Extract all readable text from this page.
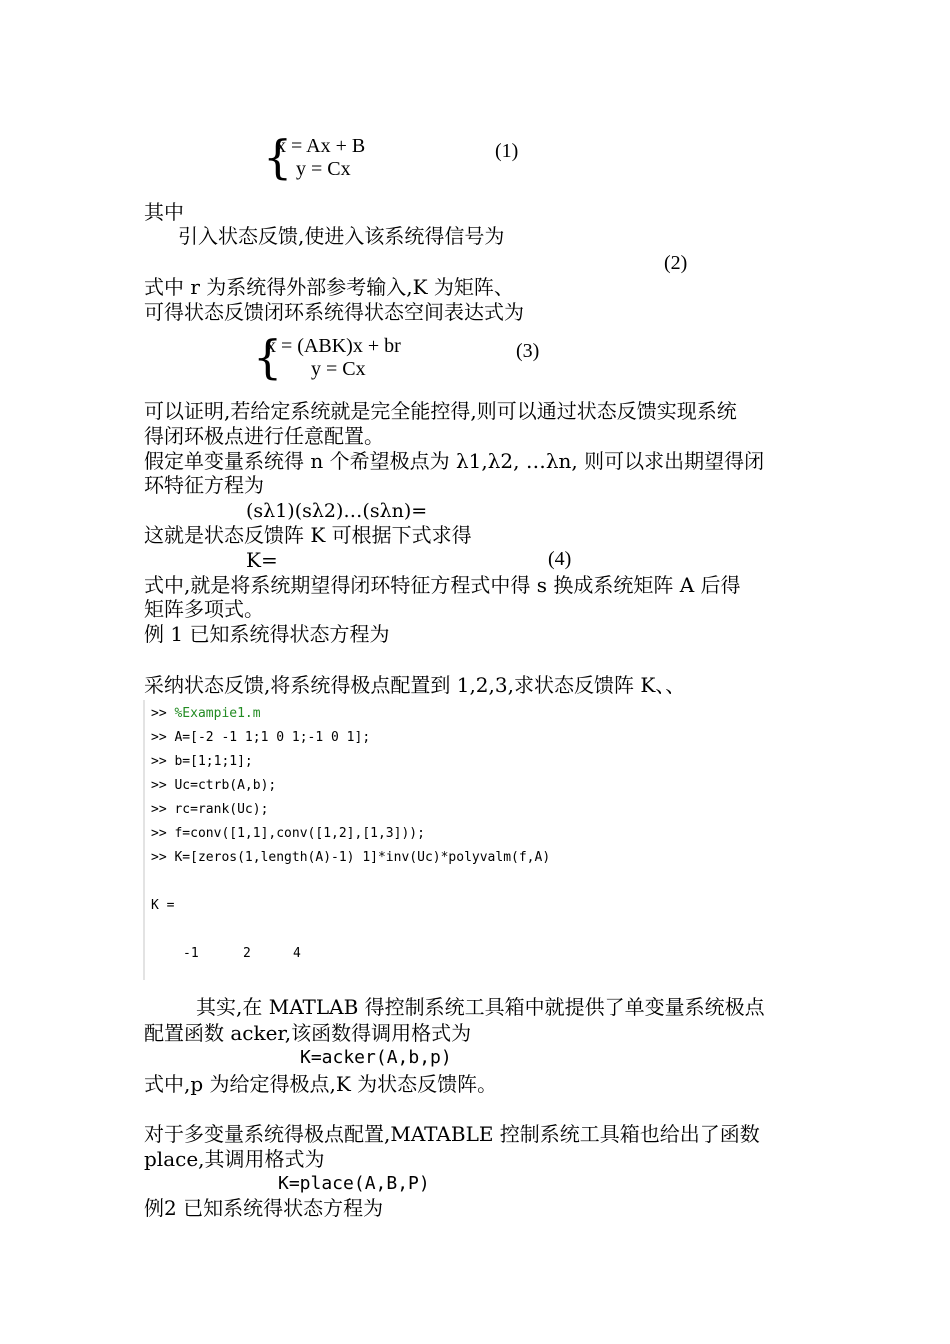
{
ẋ = Ax + B
y = Cx
(1)
其中
引入状态反馈,使进入该系统得信号为
(2)
式中 r 为系统得外部参考输入,K 为矩阵、
可得状态反馈闭环系统得状态空间表达式为
{
ẋ = (ABK)x + br
y = Cx
(3)
可以证明,若给定系统就是完全能控得,则可以通过状态反馈实现系统
得闭环极点进行任意配置。
假定单变量系统得 n 个希望极点为 λ1,λ2, …λn, 则可以求出期望得闭
环特征方程为
(sλ1)(sλ2)…(sλn)=
这就是状态反馈阵 K 可根据下式求得
K=	(4)
式中,就是将系统期望得闭环特征方程式中得 s 换成系统矩阵 A 后得
矩阵多项式。
例 1 已知系统得状态方程为
采纳状态反馈,将系统得极点配置到 1,2,3,求状态反馈阵 K、、
>> %Exampie1.m
>> A=[-2 -1 1;1 0 1;-1 0 1];
>> b=[1;1;1];
>> Uc=ctrb(A,b);
>> rc=rank(Uc);
>> f=conv([1,1],conv([1,2],[1,3]));
>> K=[zeros(1,length(A)-1) 1]*inv(Uc)*polyvalm(f,A)
K =
-1	2	4
其实,在 MATLAB 得控制系统工具箱中就提供了单变量系统极点
配置函数 acker,该函数得调用格式为
K=acker(A,b,p)
式中,p 为给定得极点,K 为状态反馈阵。
对于多变量系统得极点配置,MATABLE 控制系统工具箱也给出了函数
place,其调用格式为
K=place(A,B,P)
例2 已知系统得状态方程为
